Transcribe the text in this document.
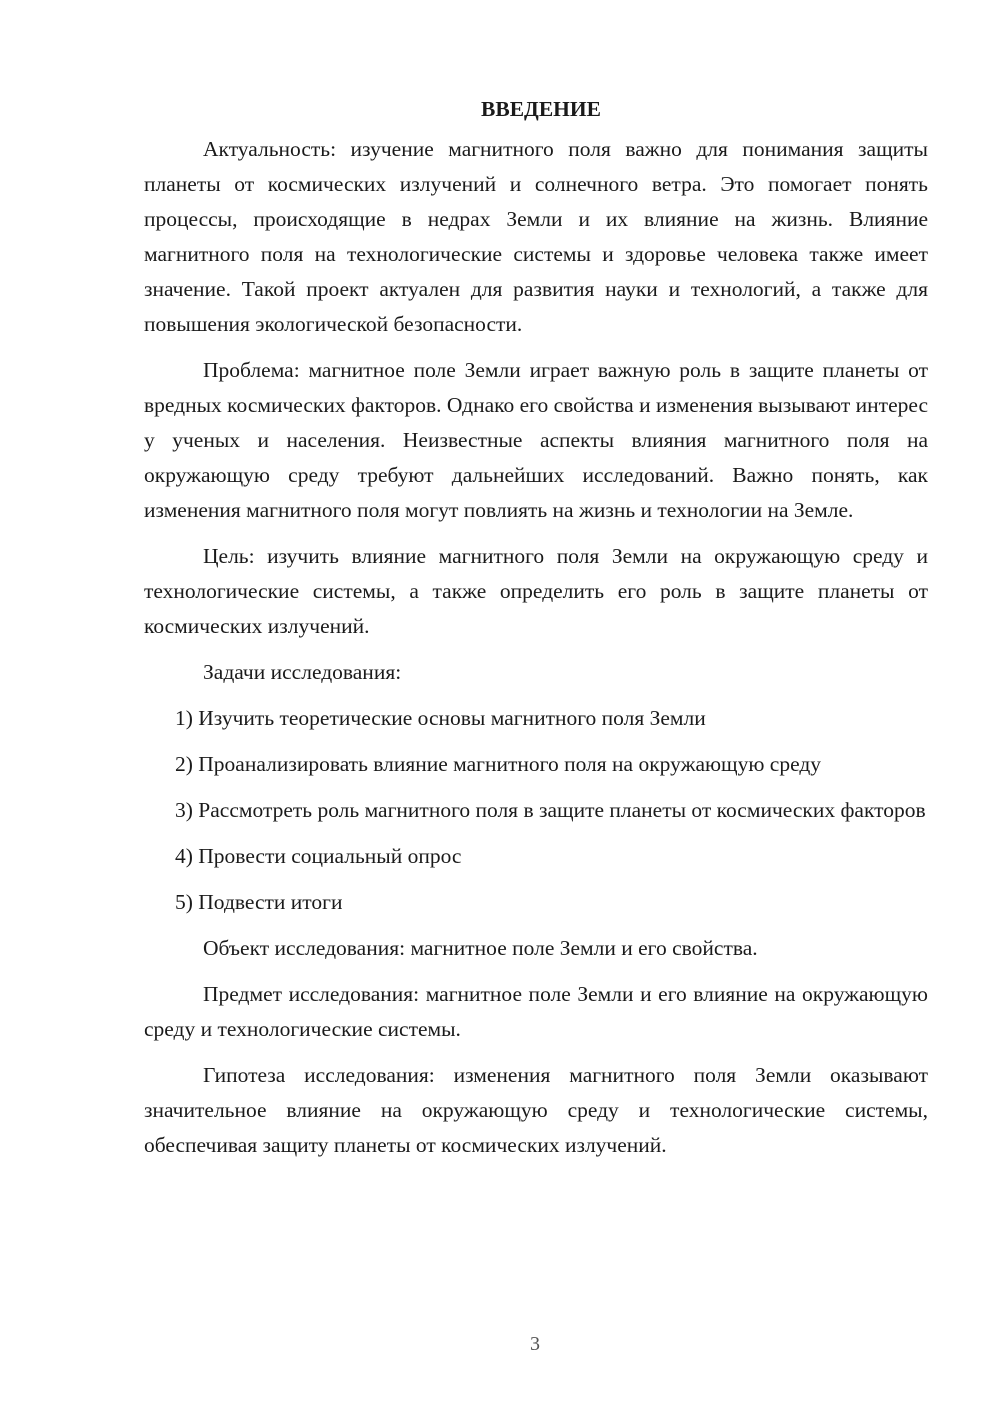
ВВЕДЕНИЕ

Актуальность: изучение магнитного поля важно для понимания защиты планеты от космических излучений и солнечного ветра. Это помогает понять процессы, происходящие в недрах Земли и их влияние на жизнь. Влияние магнитного поля на технологические системы и здоровье человека также имеет значение. Такой проект актуален для развития науки и технологий, а также для повышения экологической безопасности.

Проблема: магнитное поле Земли играет важную роль в защите планеты от вредных космических факторов. Однако его свойства и изменения вызывают интерес у ученых и населения. Неизвестные аспекты влияния магнитного поля на окружающую среду требуют дальнейших исследований. Важно понять, как изменения магнитного поля могут повлиять на жизнь и технологии на Земле.

Цель: изучить влияние магнитного поля Земли на окружающую среду и технологические системы, а также определить его роль в защите планеты от космических излучений.

Задачи исследования:

1) Изучить теоретические основы магнитного поля Земли

2) Проанализировать влияние магнитного поля на окружающую среду

3) Рассмотреть роль магнитного поля в защите планеты от космических факторов

4) Провести социальный опрос

5) Подвести итоги

Объект исследования: магнитное поле Земли и его свойства.

Предмет исследования: магнитное поле Земли и его влияние на окружающую среду и технологические системы.

Гипотеза исследования: изменения магнитного поля Земли оказывают значительное влияние на окружающую среду и технологические системы, обеспечивая защиту планеты от космических излучений.

3
